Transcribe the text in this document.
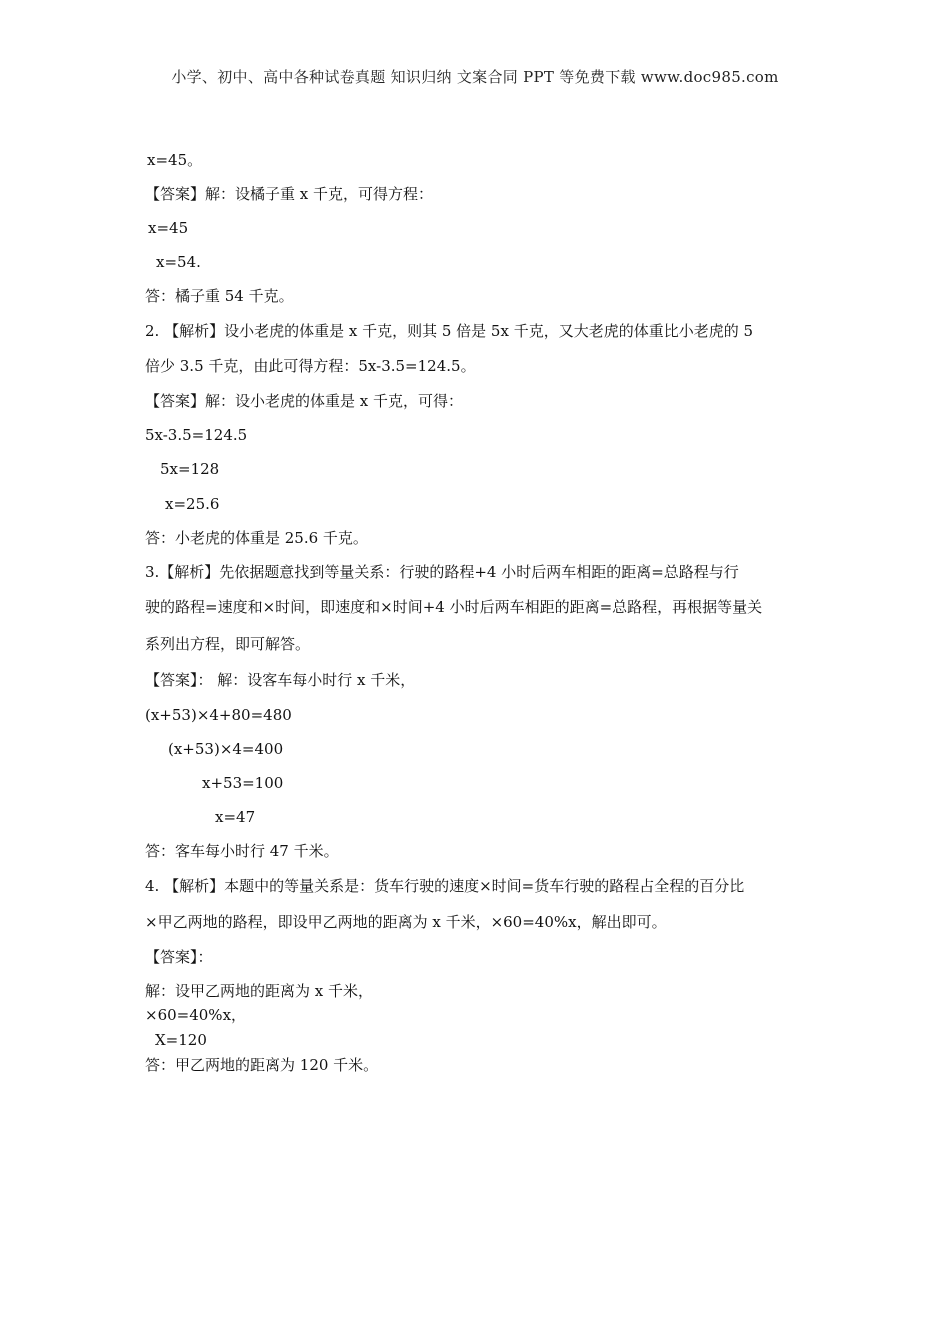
小学、初中、高中各种试卷真题 知识归纳 文案合同 PPT 等免费下载 www.doc985.com
x=45。
【答案】解：设橘子重 x 千克，可得方程：
x=45
x=54.
答：橘子重 54 千克。
2. 【解析】设小老虎的体重是 x 千克，则其 5 倍是 5x 千克，又大老虎的体重比小老虎的 5
倍少 3.5 千克，由此可得方程：5x-3.5=124.5。
【答案】解：设小老虎的体重是 x 千克，可得：
5x-3.5=124.5
5x=128
x=25.6
答：小老虎的体重是 25.6 千克。
3.【解析】先依据题意找到等量关系：行驶的路程+4 小时后两车相距的距离=总路程与行
驶的路程=速度和×时间，即速度和×时间+4 小时后两车相距的距离=总路程，再根据等量关
系列出方程，即可解答。
【答案】： 解：设客车每小时行 x 千米，
(x+53)×4+80=480
(x+53)×4=400
x+53=100
x=47
答：客车每小时行 47 千米。
4. 【解析】本题中的等量关系是：货车行驶的速度×时间=货车行驶的路程占全程的百分比
×甲乙两地的路程，即设甲乙两地的距离为 x 千米，×60=40%x，解出即可。
【答案】：
解：设甲乙两地的距离为 x 千米，
×60=40%x，
X=120
答：甲乙两地的距离为 120 千米。
